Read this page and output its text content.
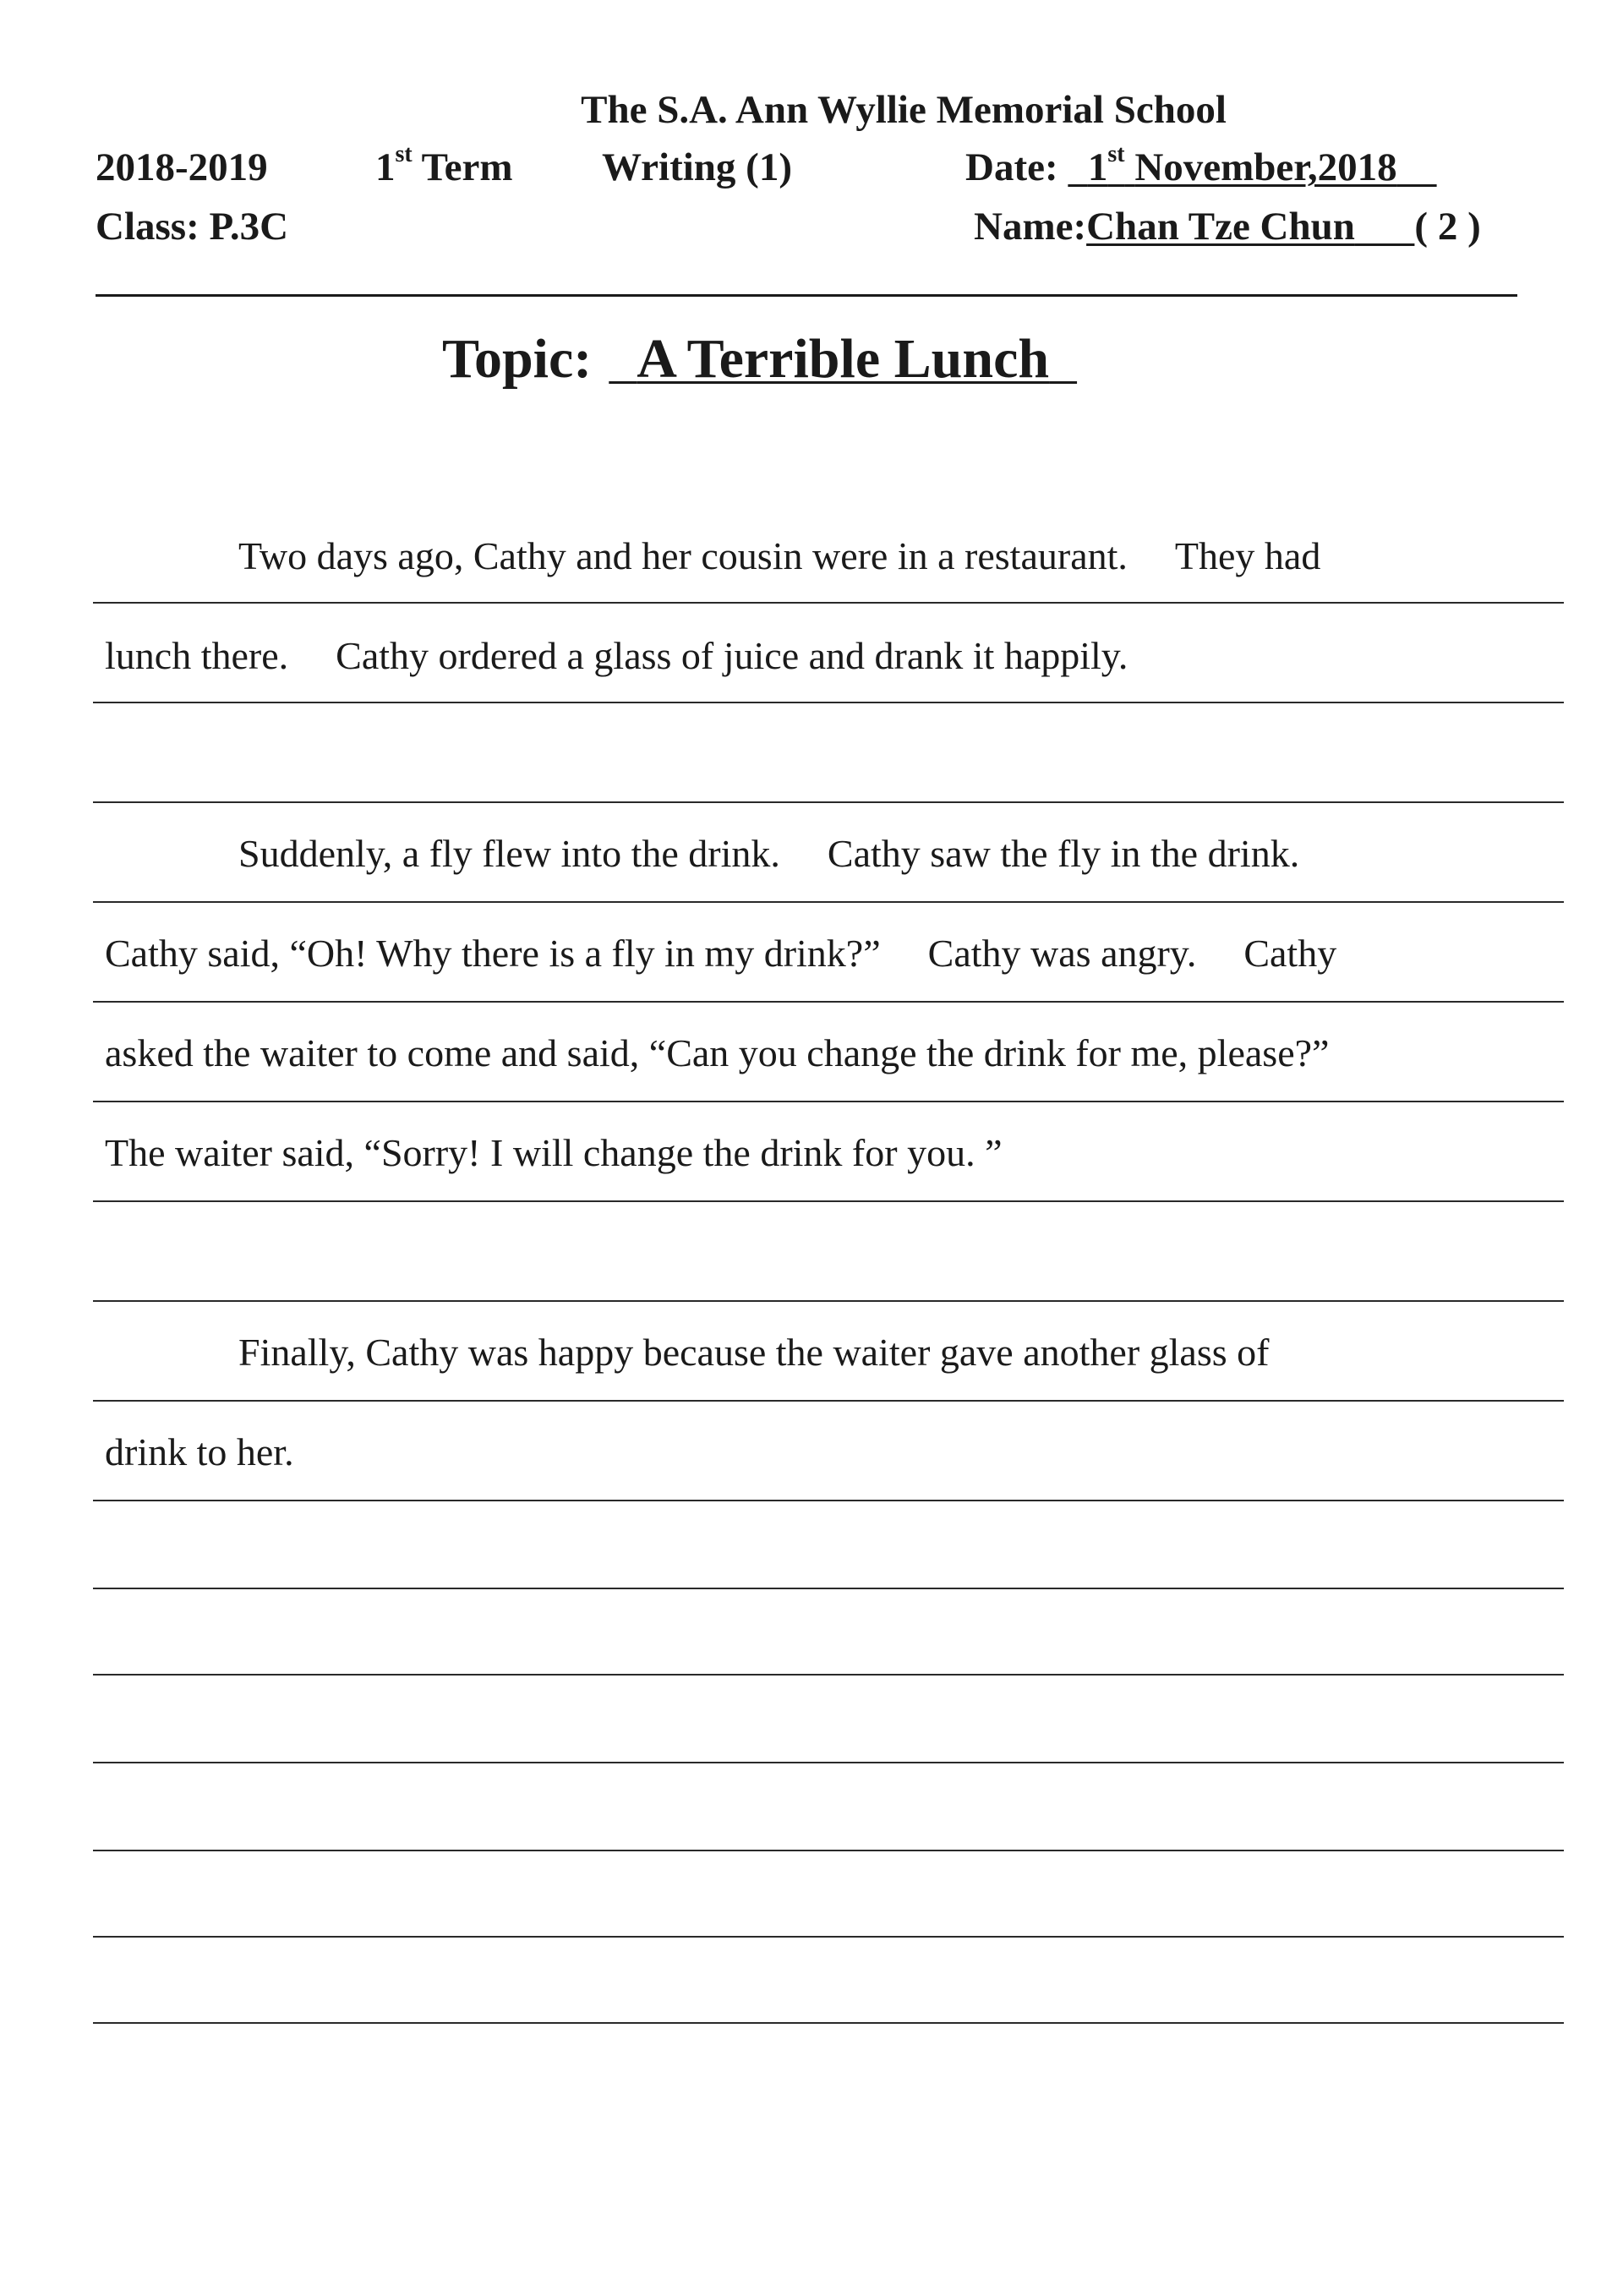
The S.A. Ann Wyllie Memorial School
2018-2019	1st Term Writing (1)	Date: 1st November,2018
Class: P.3C	Name:Chan Tze Chun ( 2 )
Topic: A Terrible Lunch
Two days ago, Cathy and her cousin were in a restaurant. They had
lunch there. Cathy ordered a glass of juice and drank it happily.
Suddenly, a fly flew into the drink. Cathy saw the fly in the drink.
Cathy said, “Oh! Why there is a fly in my drink?” Cathy was angry. Cathy
asked the waiter to come and said, “Can you change the drink for me, please?”
The waiter said, “Sorry! I will change the drink for you. ”
Finally, Cathy was happy because the waiter gave another glass of
drink to her.
